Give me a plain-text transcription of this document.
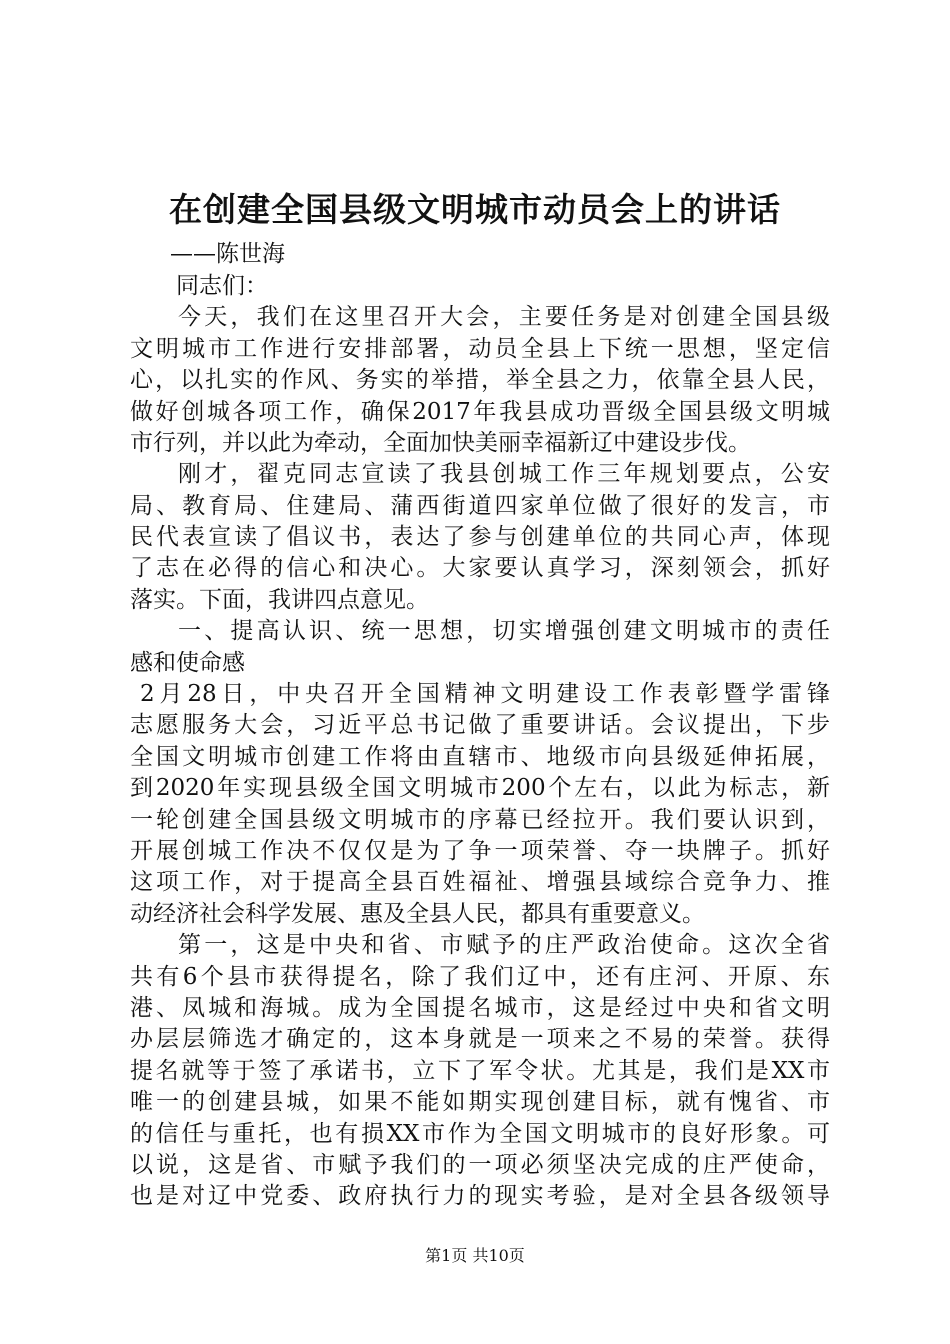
在创建全国县级文明城市动员会上的讲话
——陈世海
同志们：
今天，我们在这里召开大会，主要任务是对创建全国县级
文明城市工作进行安排部署，动员全县上下统一思想，坚定信
心，以扎实的作风、务实的举措，举全县之力，依靠全县人民，
做好创城各项工作，确保2017年我县成功晋级全国县级文明城
市行列，并以此为牵动，全面加快美丽幸福新辽中建设步伐。
刚才，翟克同志宣读了我县创城工作三年规划要点，公安
局、教育局、住建局、蒲西街道四家单位做了很好的发言，市
民代表宣读了倡议书，表达了参与创建单位的共同心声，体现
了志在必得的信心和决心。大家要认真学习，深刻领会，抓好
落实。下面，我讲四点意见。
一、提高认识、统一思想，切实增强创建文明城市的责任
感和使命感
2月28日，中央召开全国精神文明建设工作表彰暨学雷锋
志愿服务大会，习近平总书记做了重要讲话。会议提出，下步
全国文明城市创建工作将由直辖市、地级市向县级延伸拓展，
到2020年实现县级全国文明城市200个左右，以此为标志，新
一轮创建全国县级文明城市的序幕已经拉开。我们要认识到，
开展创城工作决不仅仅是为了争一项荣誉、夺一块牌子。抓好
这项工作，对于提高全县百姓福祉、增强县域综合竞争力、推
动经济社会科学发展、惠及全县人民，都具有重要意义。
第一，这是中央和省、市赋予的庄严政治使命。这次全省
共有6个县市获得提名，除了我们辽中，还有庄河、开原、东
港、凤城和海城。成为全国提名城市，这是经过中央和省文明
办层层筛选才确定的，这本身就是一项来之不易的荣誉。获得
提名就等于签了承诺书，立下了军令状。尤其是，我们是XX市
唯一的创建县城，如果不能如期实现创建目标，就有愧省、市
的信任与重托，也有损XX市作为全国文明城市的良好形象。可
以说，这是省、市赋予我们的一项必须坚决完成的庄严使命，
也是对辽中党委、政府执行力的现实考验，是对全县各级领导
第1页 共10页
